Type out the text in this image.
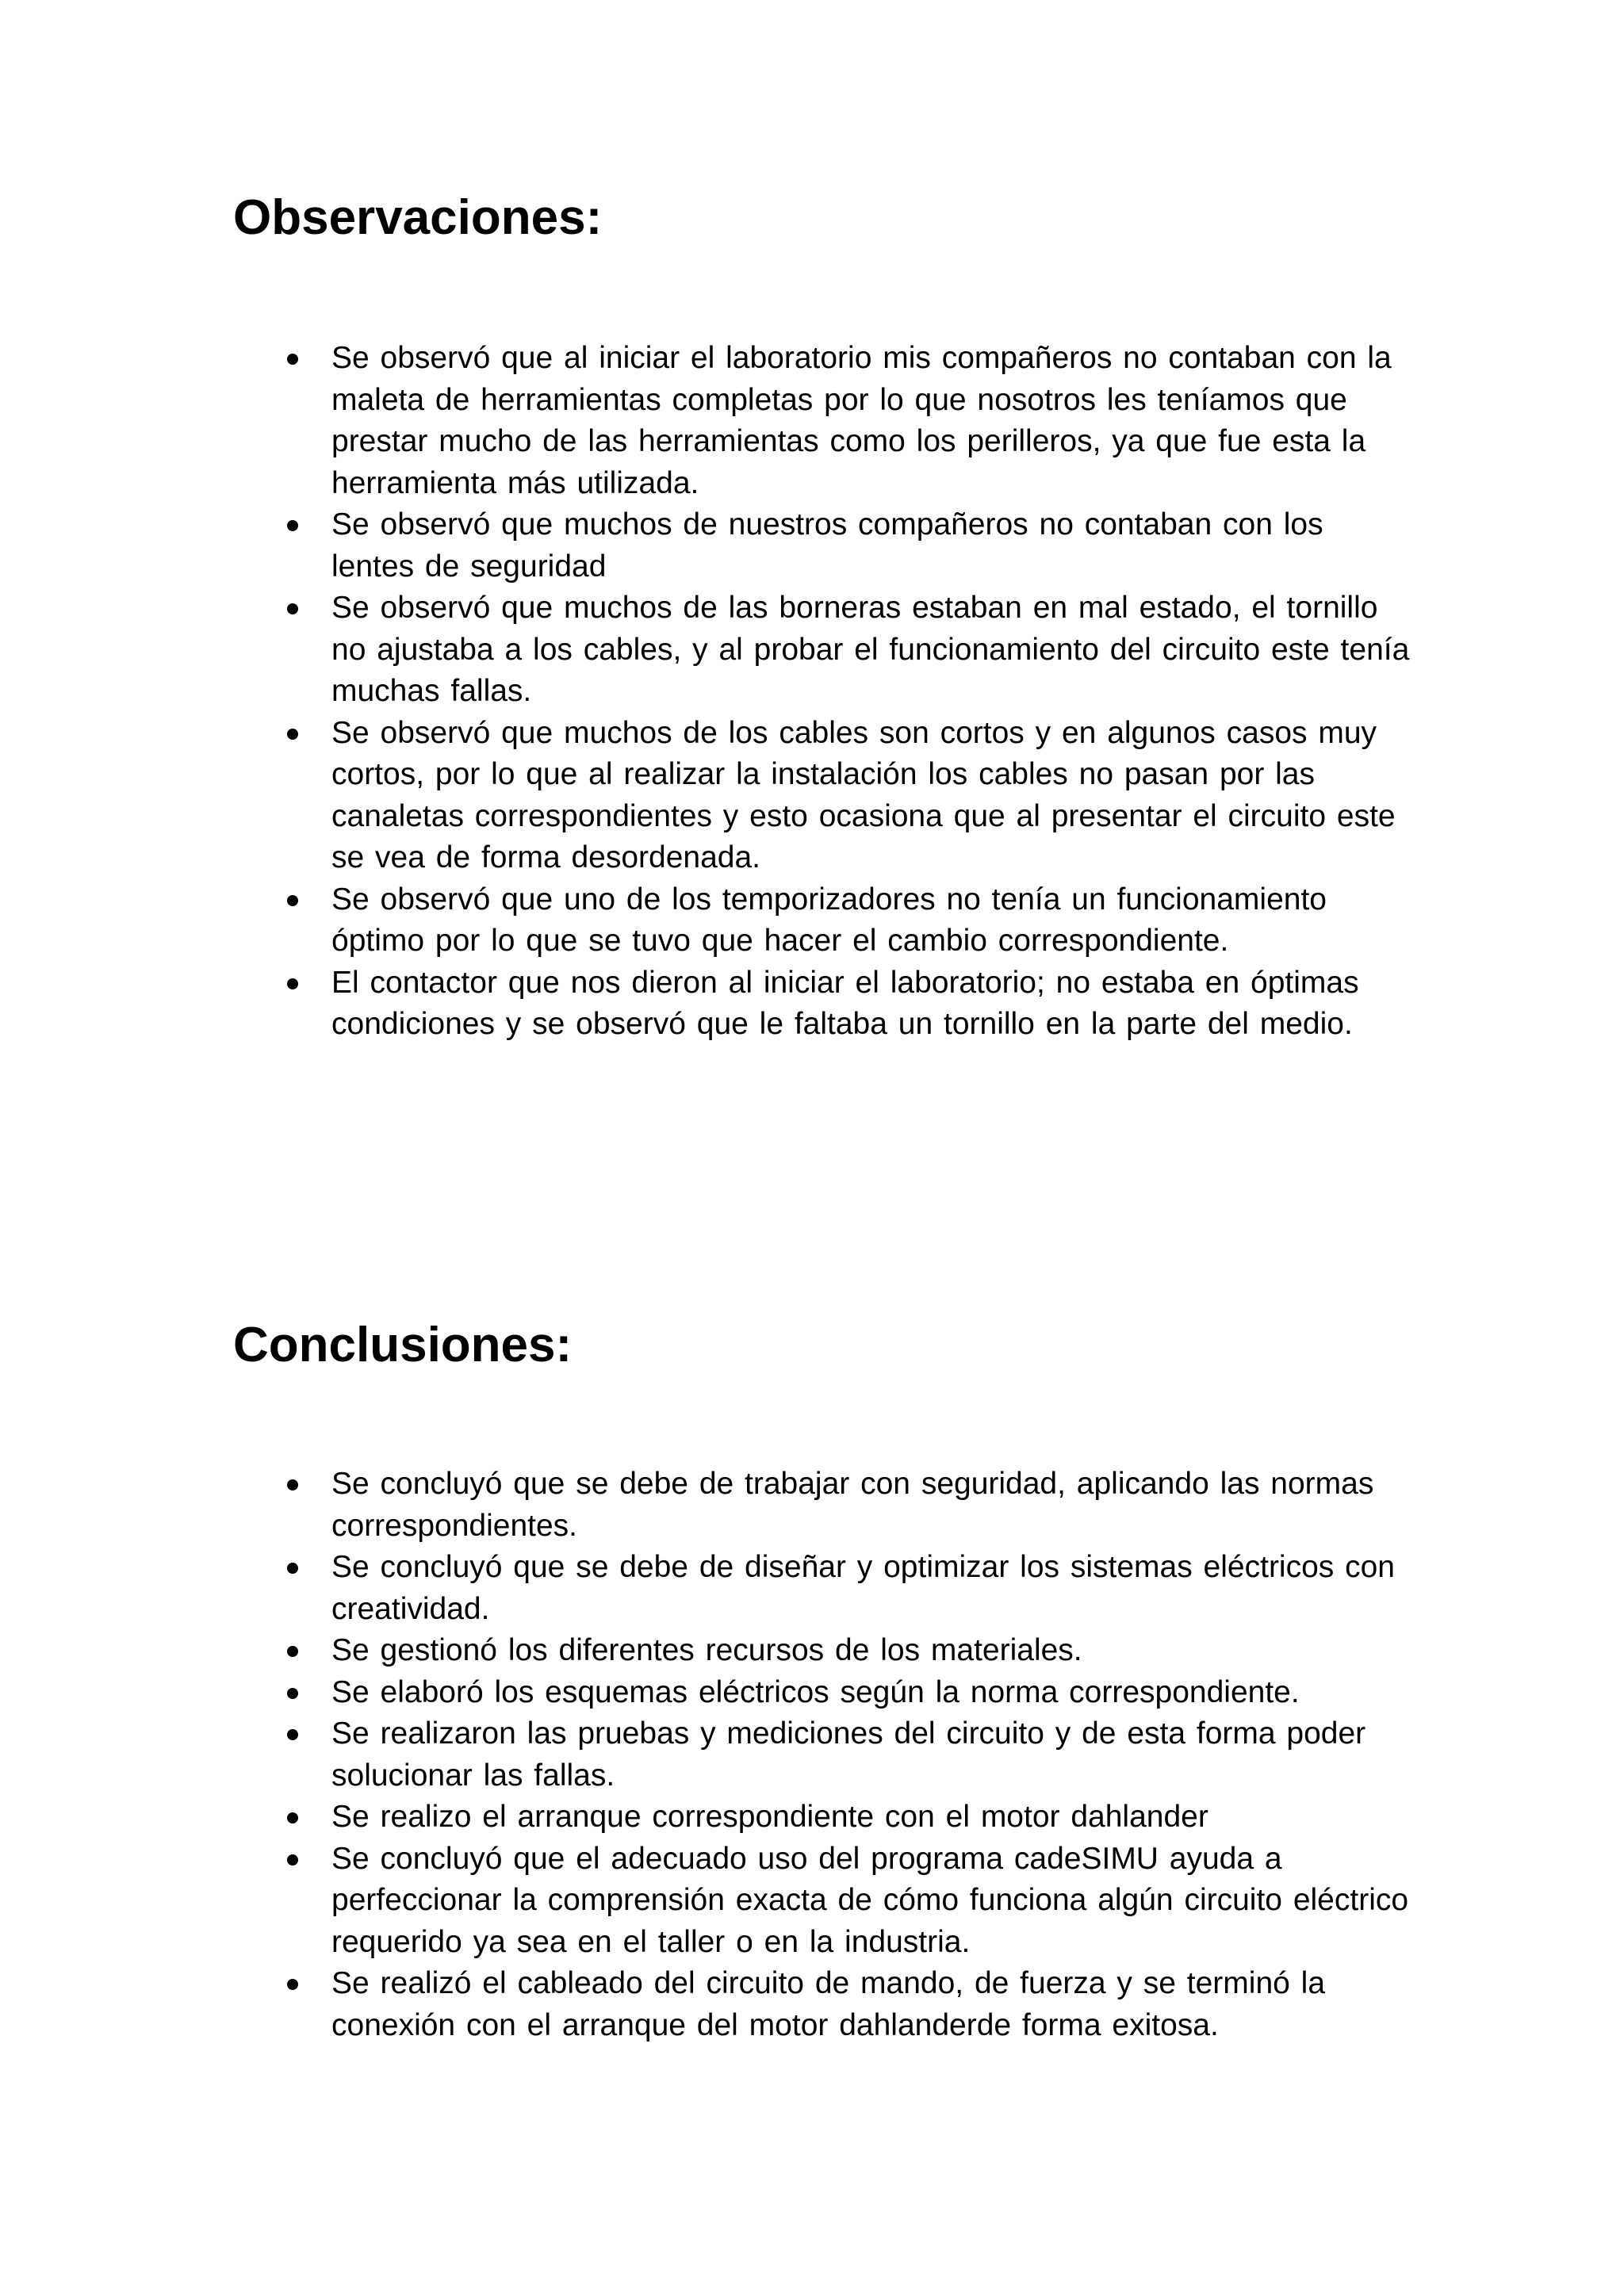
Observaciones:
Se observó que al iniciar el laboratorio mis compañeros no contaban con la maleta de herramientas completas por lo que nosotros les teníamos que prestar mucho de las herramientas como los perilleros, ya que fue esta la herramienta más utilizada.
Se observó que muchos de nuestros compañeros no contaban con los lentes de seguridad
Se observó que muchos de las borneras estaban en mal estado, el tornillo no ajustaba a los cables, y al probar el funcionamiento del circuito este tenía muchas fallas.
Se observó que muchos de los cables son cortos y en algunos casos muy cortos, por lo que al realizar la instalación los cables no pasan por las canaletas correspondientes y esto ocasiona que al presentar el circuito este se vea de forma desordenada.
Se observó que uno de los temporizadores no tenía un funcionamiento óptimo por lo que se tuvo que hacer el cambio correspondiente.
El contactor que nos dieron al iniciar el laboratorio; no estaba en óptimas condiciones y se observó que le faltaba un tornillo en la parte del medio.
Conclusiones:
Se concluyó que se debe de trabajar con seguridad, aplicando las normas correspondientes.
Se concluyó que se debe de diseñar y optimizar los sistemas eléctricos con creatividad.
Se gestionó los diferentes recursos de los materiales.
Se elaboró los esquemas eléctricos según la norma correspondiente.
Se realizaron las pruebas y mediciones del circuito y de esta forma poder solucionar las fallas.
Se realizo el arranque correspondiente con el motor dahlander
Se concluyó que el adecuado uso del programa cadeSIMU ayuda a perfeccionar la comprensión exacta de cómo funciona algún circuito eléctrico requerido ya sea en el taller o en la industria.
Se realizó el cableado del circuito de mando, de fuerza y se terminó la conexión con el arranque del motor dahlanderde forma exitosa.
